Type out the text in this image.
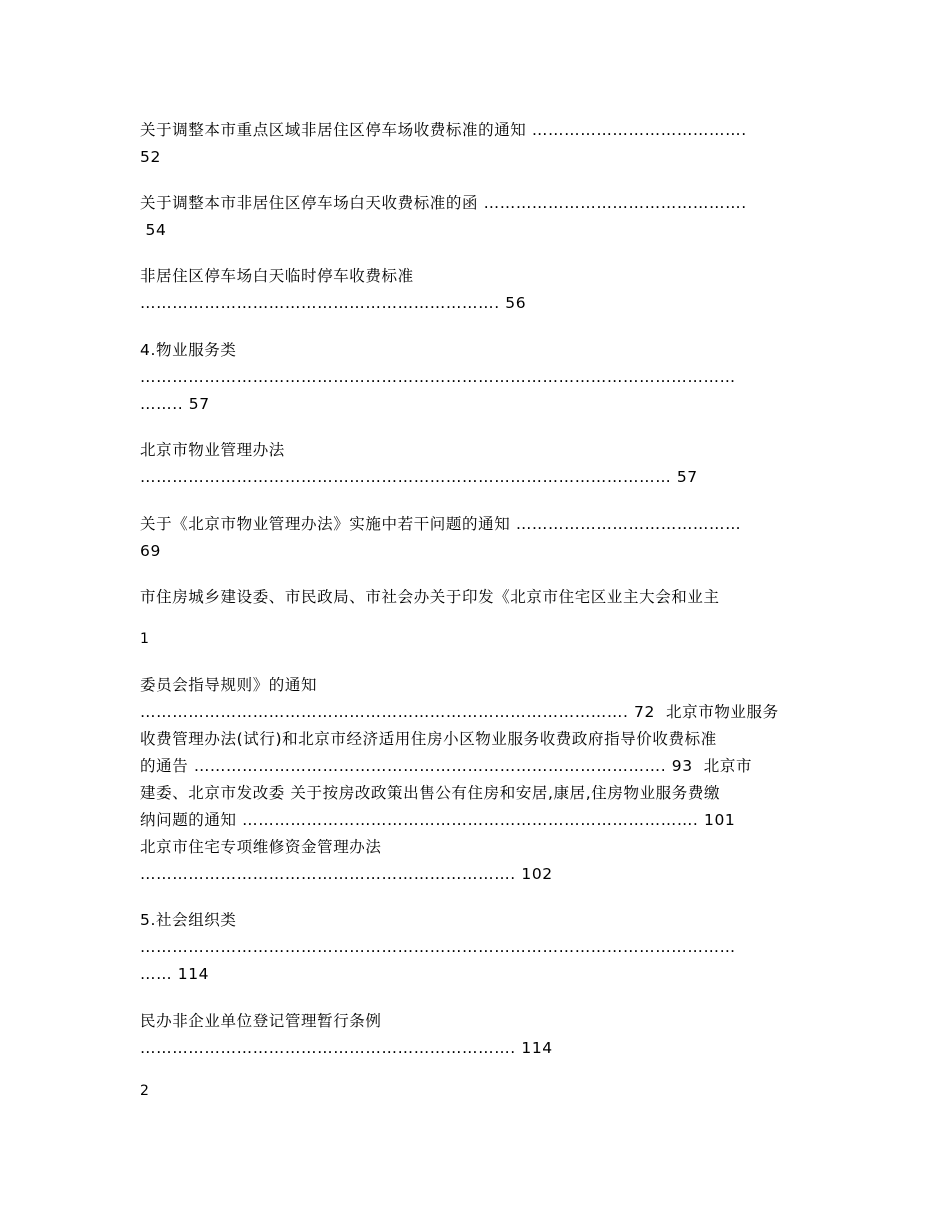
关于调整本市重点区域非居住区停车场收费标准的通知 ………………………………….

52

关于调整本市非居住区停车场白天收费标准的函 ………………………………………….

54

非居住区停车场白天临时停车收费标准

…………………………………………………………. 56

4.物业服务类

…………………………………………………………………………………………………

…….. 57

北京市物业管理办法

……………………………………………………………………………………… 57

关于《北京市物业管理办法》实施中若干问题的通知 ……………………………………

69

市住房城乡建设委、市民政局、市社会办关于印发《北京市住宅区业主大会和业主

1

委员会指导规则》的通知

………………………………………………………………………………. 72  北京市物业服务

收费管理办法(试行)和北京市经济适用住房小区物业服务收费政府指导价收费标准

的通告 ……………………………………………………………………………. 93  北京市

建委、北京市发改委 关于按房改政策出售公有住房和安居,康居,住房物业服务费缴

纳问题的通知 …………………………………………………………………………. 101

北京市住宅专项维修资金管理办法

……………………………………………………………. 102

5.社会组织类

…………………………………………………………………………………………………

…… 114

民办非企业单位登记管理暂行条例

……………………………………………………………. 114

2
